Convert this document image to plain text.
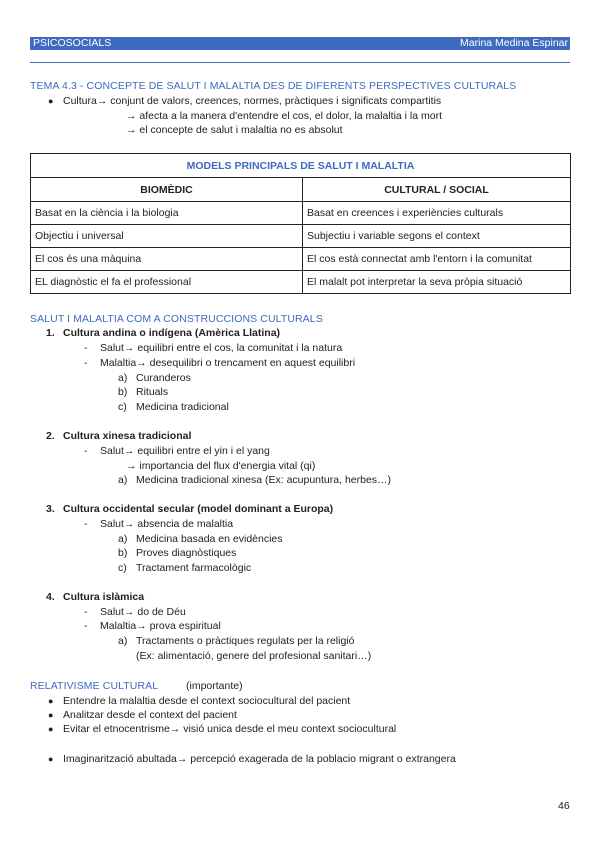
PSICOSOCIALS	Marina Medina Espinar
TEMA 4.3 - CONCEPTE DE SALUT I MALALTIA DES DE DIFERENTS PERSPECTIVES CULTURALS
● Cultura→ conjunt de valors, creences, normes, pràctiques i significats compartitis
→ afecta a la manera d'entendre el cos, el dolor, la malaltia i la mort
→ el concepte de salut i malaltia no es absolut
MODELS PRINCIPALS DE SALUT I MALALTIA	
BIOMÈDIC	CULTURAL / SOCIAL
Basat en la ciència i la biologia	Basat en creences i experiències culturals
Objectiu i universal	Subjectiu i variable segons el context
El cos és una màquina	El cos està connectat amb l'entorn i la comunitat
EL diagnòstic el fa el professional	El malalt pot interpretar la seva pròpia situació
SALUT I MALALTIA COM A CONSTRUCCIONS CULTURALS
1. Cultura andina o indígena (Amèrica Llatina)
- Salut→ equilibri entre el cos, la comunitat i la natura
- Malaltia→ desequilibri o trencament en aquest equilibri
a) Curanderos
b) Rituals
c) Medicina tradicional
2. Cultura xinesa tradicional
- Salut→ equilibri entre el yin i el yang
→ importancia del flux d'energia vital (qi)
a) Medicina tradicional xinesa (Ex: acupuntura, herbes…)
3. Cultura occidental secular (model dominant a Europa)
- Salut→ absencia de malaltia
a) Medicina basada en evidències
b) Proves diagnòstiques
c) Tractament farmacològic
4. Cultura islàmica
- Salut→ do de Déu
- Malaltia→ prova espiritual
a) Tractaments o pràctiques regulats per la religió
(Ex: alimentació, genere del profesional sanitari…)
RELATIVISME CULTURAL	(importante)
● Entendre la malaltia desde el context sociocultural del pacient
● Analitzar desde el context del pacient
● Evitar el etnocentrisme→ visió unica desde el meu context sociocultural
● Imaginarització abultada→ percepció exagerada de la poblacio migrant o extrangera
46
